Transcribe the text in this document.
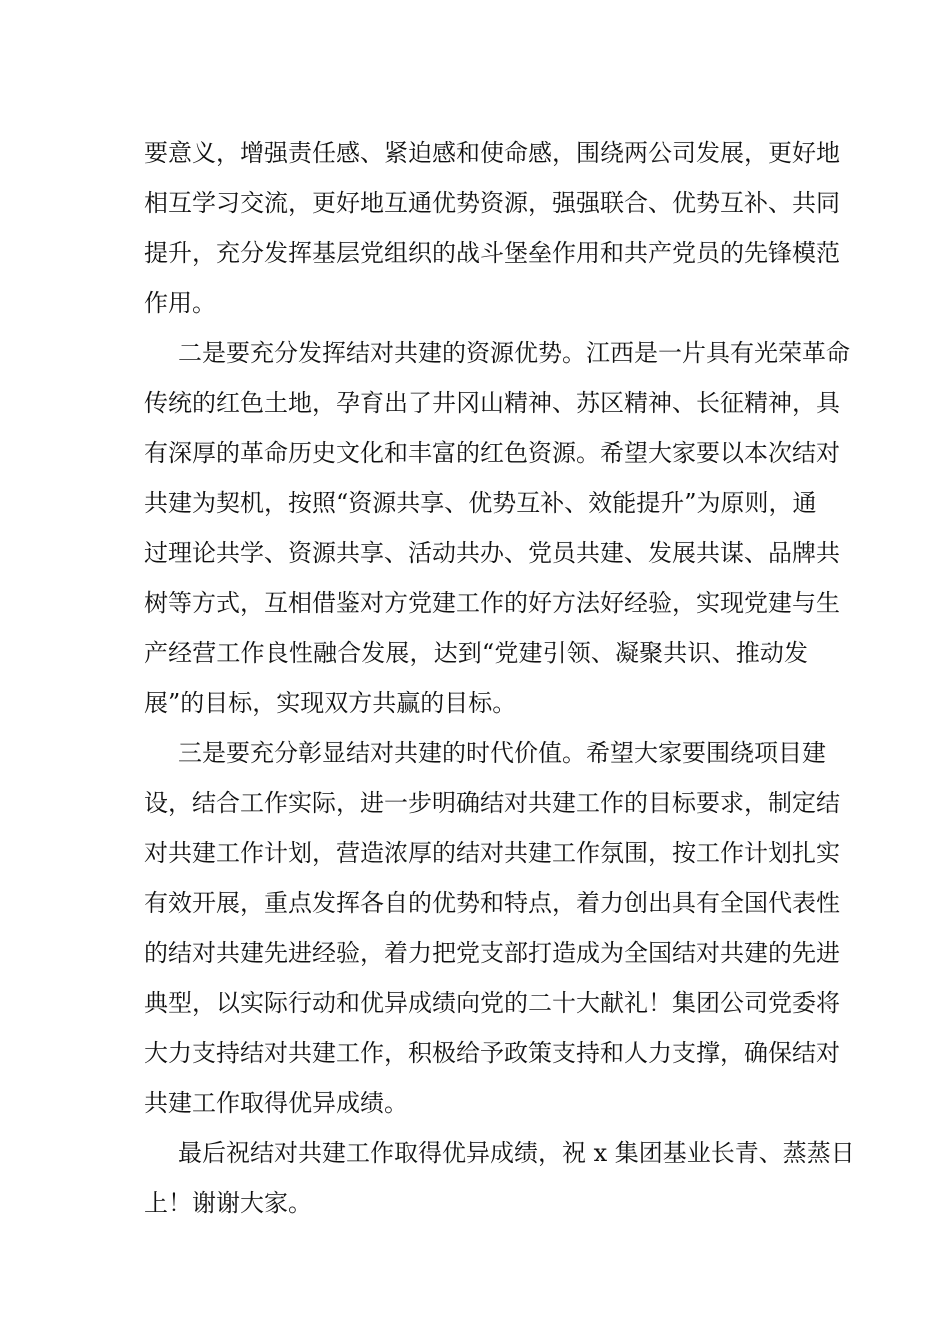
要意义，增强责任感、紧迫感和使命感，围绕两公司发展，更好地
相互学习交流，更好地互通优势资源，强强联合、优势互补、共同
提升，充分发挥基层党组织的战斗堡垒作用和共产党员的先锋模范
作用。
二是要充分发挥结对共建的资源优势。江西是一片具有光荣革命
传统的红色土地，孕育出了井冈山精神、苏区精神、长征精神，具
有深厚的革命历史文化和丰富的红色资源。希望大家要以本次结对
共建为契机，按照“资源共享、优势互补、效能提升”为原则，通
过理论共学、资源共享、活动共办、党员共建、发展共谋、品牌共
树等方式，互相借鉴对方党建工作的好方法好经验，实现党建与生
产经营工作良性融合发展，达到“党建引领、凝聚共识、推动发
展”的目标，实现双方共赢的目标。
三是要充分彰显结对共建的时代价值。希望大家要围绕项目建
设，结合工作实际，进一步明确结对共建工作的目标要求，制定结
对共建工作计划，营造浓厚的结对共建工作氛围，按工作计划扎实
有效开展，重点发挥各自的优势和特点，着力创出具有全国代表性
的结对共建先进经验，着力把党支部打造成为全国结对共建的先进
典型，以实际行动和优异成绩向党的二十大献礼！集团公司党委将
大力支持结对共建工作，积极给予政策支持和人力支撑，确保结对
共建工作取得优异成绩。
最后祝结对共建工作取得优异成绩，祝 x 集团基业长青、蒸蒸日
上！谢谢大家。
